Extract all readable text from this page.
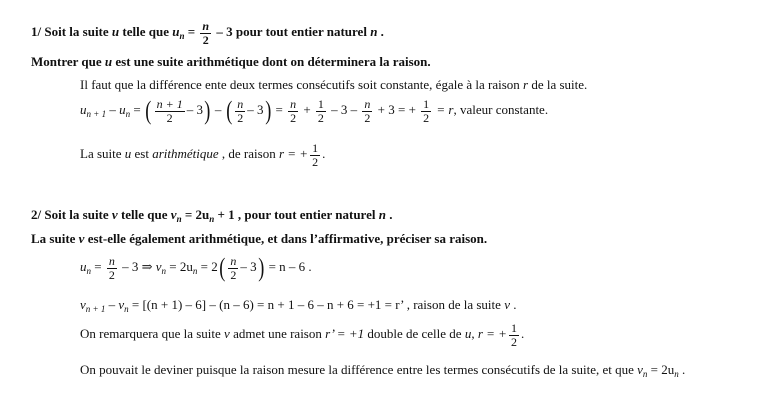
1/ Soit la suite u telle que $u_n = \frac{n}{2} - 3$ pour tout entier naturel n .
Montrer que u est une suite arithmétique dont on déterminera la raison.
Il faut que la différence ente deux termes consécutifs soit constante, égale à la raison r de la suite.
$u_{n + 1} - u_n$ = ( $\frac{n + 1}{2} - 3$) – ( $\frac{n}{2} - 3) = \frac{n}{2} + \frac{1}{2} - 3 - \frac{n}{2} + 3$ = + $\frac{1}{2} = r$, valeur constante.
La suite u est arithmétique , de raison r = + $\frac{1}{2}$ .
2/ Soit la suite v telle que $v_n = 2u_n + 1$ , pour tout entier naturel n .
La suite v est-elle également arithmétique, et dans l’affirmative, préciser sa raison.
$u_n = \frac{n}{2} - 3$ ⇒ $v_n = 2u_n = 2( \frac{n}{2} - 3) = n - 6$ .
$v_{n + 1} - v_n = [(n + 1) - 6] - (n - 6) = n + 1 - 6 - n + 6 = +1 = r$’ , raison de la suite v .
On remarquera que la suite v admet une raison r’ = +1 double de celle de u, r = + $\frac{1}{2}$ .
On pouvait le deviner puisque la raison mesure la différence entre les termes consécutifs de la suite, et que $v_n = 2u_n$ .
